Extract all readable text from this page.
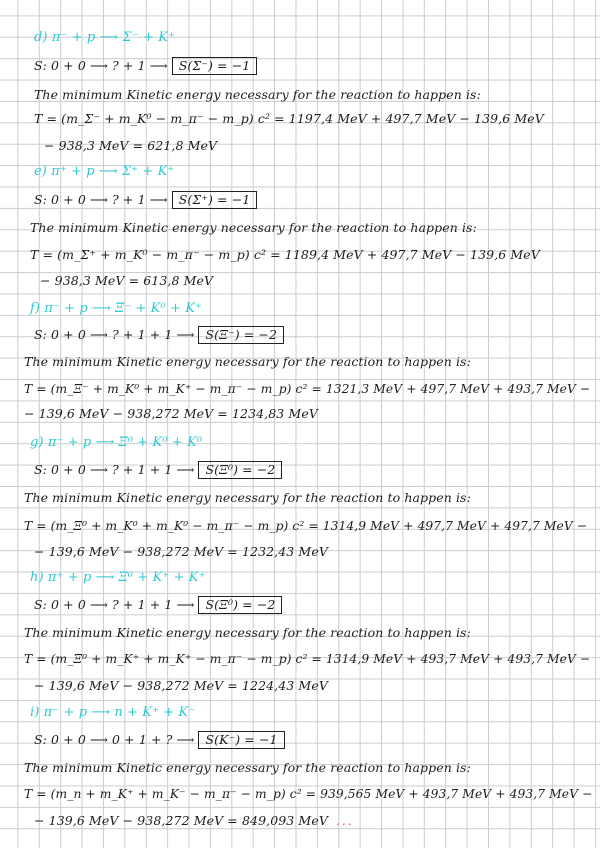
d) π⁻ + p ⟶ Σ⁻ + K⁺
S: 0 + 0 ⟶ ? + 1 ⟶ S(Σ⁻) = −1
The minimum Kinetic energy necessary for the reaction to happen is:
T = (m_Σ⁻ + m_K⁰ − m_π⁻ − m_p) c² = 1197,4 MeV + 497,7 MeV − 139,6 MeV
− 938,3 MeV = 621,8 MeV
e) π⁺ + p ⟶ Σ⁺ + K⁺
S: 0 + 0 ⟶ ? + 1 ⟶ S(Σ⁺) = −1
The minimum Kinetic energy necessary for the reaction to happen is:
T = (m_Σ⁺ + m_K⁰ − m_π⁻ − m_p) c² = 1189,4 MeV + 497,7 MeV − 139,6 MeV
− 938,3 MeV = 613,8 MeV
f) π⁻ + p ⟶ Ξ⁻ + K⁰ + K⁺
S: 0 + 0 ⟶ ? + 1 + 1 ⟶ S(Ξ⁻) = −2
The minimum Kinetic energy necessary for the reaction to happen is:
T = (m_Ξ⁻ + m_K⁰ + m_K⁺ − m_π⁻ − m_p) c² = 1321,3 MeV + 497,7 MeV + 493,7 MeV −
− 139,6 MeV − 938,272 MeV = 1234,83 MeV
g) π⁻ + p ⟶ Ξ⁰ + K⁰ + K⁰
S: 0 + 0 ⟶ ? + 1 + 1 ⟶ S(Ξ⁰) = −2
The minimum Kinetic energy necessary for the reaction to happen is:
T = (m_Ξ⁰ + m_K⁰ + m_K⁰ − m_π⁻ − m_p) c² = 1314,9 MeV + 497,7 MeV + 497,7 MeV −
− 139,6 MeV − 938,272 MeV = 1232,43 MeV
h) π⁺ + p ⟶ Ξ⁰ + K⁺ + K⁺
S: 0 + 0 ⟶ ? + 1 + 1 ⟶ S(Ξ⁰) = −2
The minimum Kinetic energy necessary for the reaction to happen is:
T = (m_Ξ⁰ + m_K⁺ + m_K⁺ − m_π⁻ − m_p) c² = 1314,9 MeV + 493,7 MeV + 493,7 MeV −
− 139,6 MeV − 938,272 MeV = 1224,43 MeV
i) π⁻ + p ⟶ n + K⁺ + K⁻
S: 0 + 0 ⟶ 0 + 1 + ? ⟶ S(K⁻) = −1
The minimum Kinetic energy necessary for the reaction to happen is:
T = (m_n + m_K⁺ + m_K⁻ − m_π⁻ − m_p) c² = 939,565 MeV + 493,7 MeV + 493,7 MeV −
− 139,6 MeV − 938,272 MeV = 849,093 MeV ...
